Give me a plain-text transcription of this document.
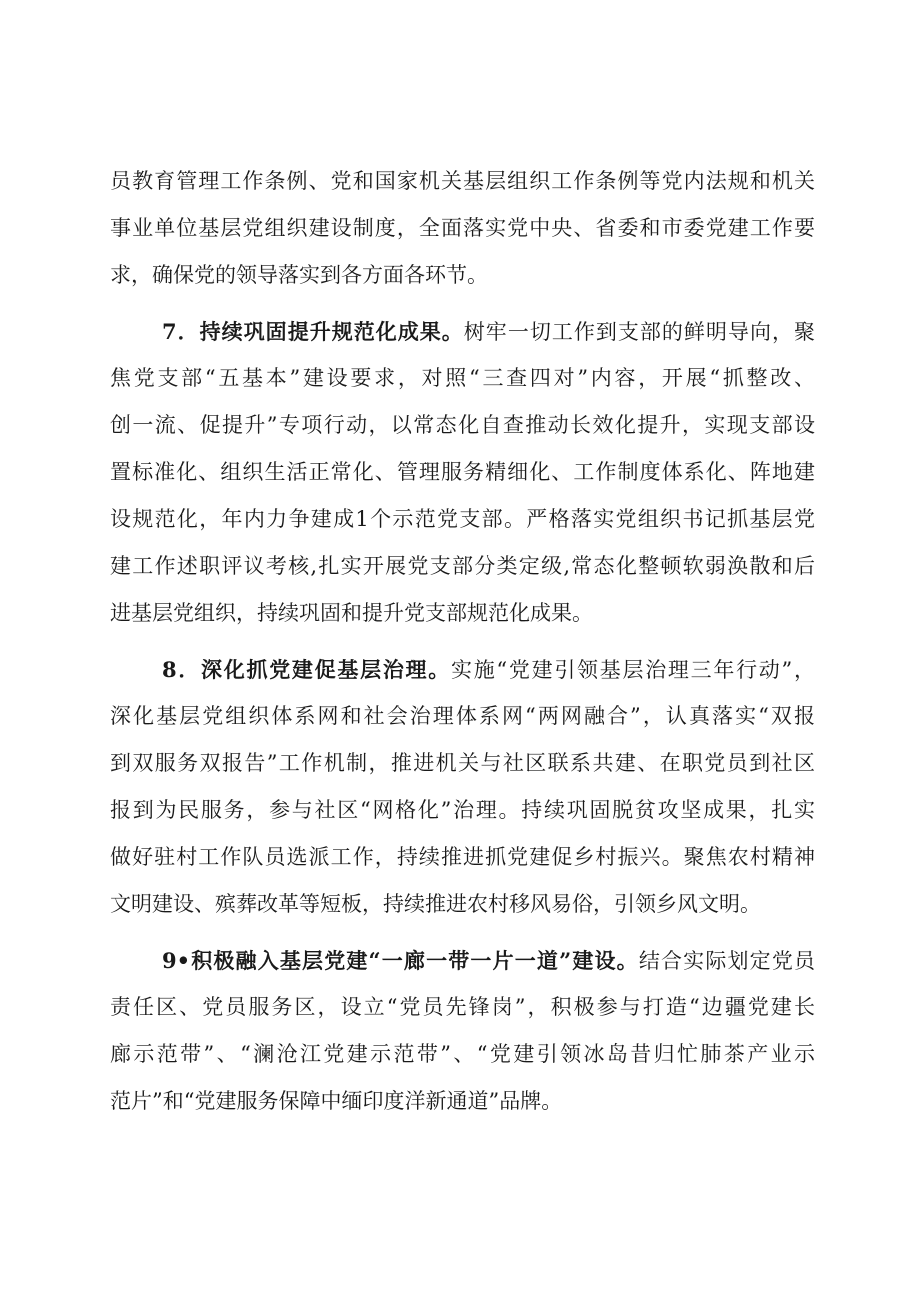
员教育管理工作条例、党和国家机关基层组织工作条例等党内法规和机关
事业单位基层党组织建设制度，全面落实党中央、省委和市委党建工作要
求，确保党的领导落实到各方面各环节。
7．持续巩固提升规范化成果。树牢一切工作到支部的鲜明导向，聚
焦党支部“五基本”建设要求，对照“三查四对”内容，开展“抓整改、
创一流、促提升”专项行动，以常态化自查推动长效化提升，实现支部设
置标准化、组织生活正常化、管理服务精细化、工作制度体系化、阵地建
设规范化，年内力争建成1个示范党支部。严格落实党组织书记抓基层党
建工作述职评议考核,扎实开展党支部分类定级,常态化整顿软弱涣散和后
进基层党组织，持续巩固和提升党支部规范化成果。
8．深化抓党建促基层治理。实施“党建引领基层治理三年行动”，
深化基层党组织体系网和社会治理体系网“两网融合”，认真落实“双报
到双服务双报告”工作机制，推进机关与社区联系共建、在职党员到社区
报到为民服务，参与社区“网格化”治理。持续巩固脱贫攻坚成果，扎实
做好驻村工作队员选派工作，持续推进抓党建促乡村振兴。聚焦农村精神
文明建设、殡葬改革等短板，持续推进农村移风易俗，引领乡风文明。
9•积极融入基层党建“一廊一带一片一道”建设。结合实际划定党员
责任区、党员服务区，设立“党员先锋岗”，积极参与打造“边疆党建长
廊示范带”、“澜沧江党建示范带”、“党建引领冰岛昔归忙肺茶产业示
范片”和“党建服务保障中缅印度洋新通道”品牌。
